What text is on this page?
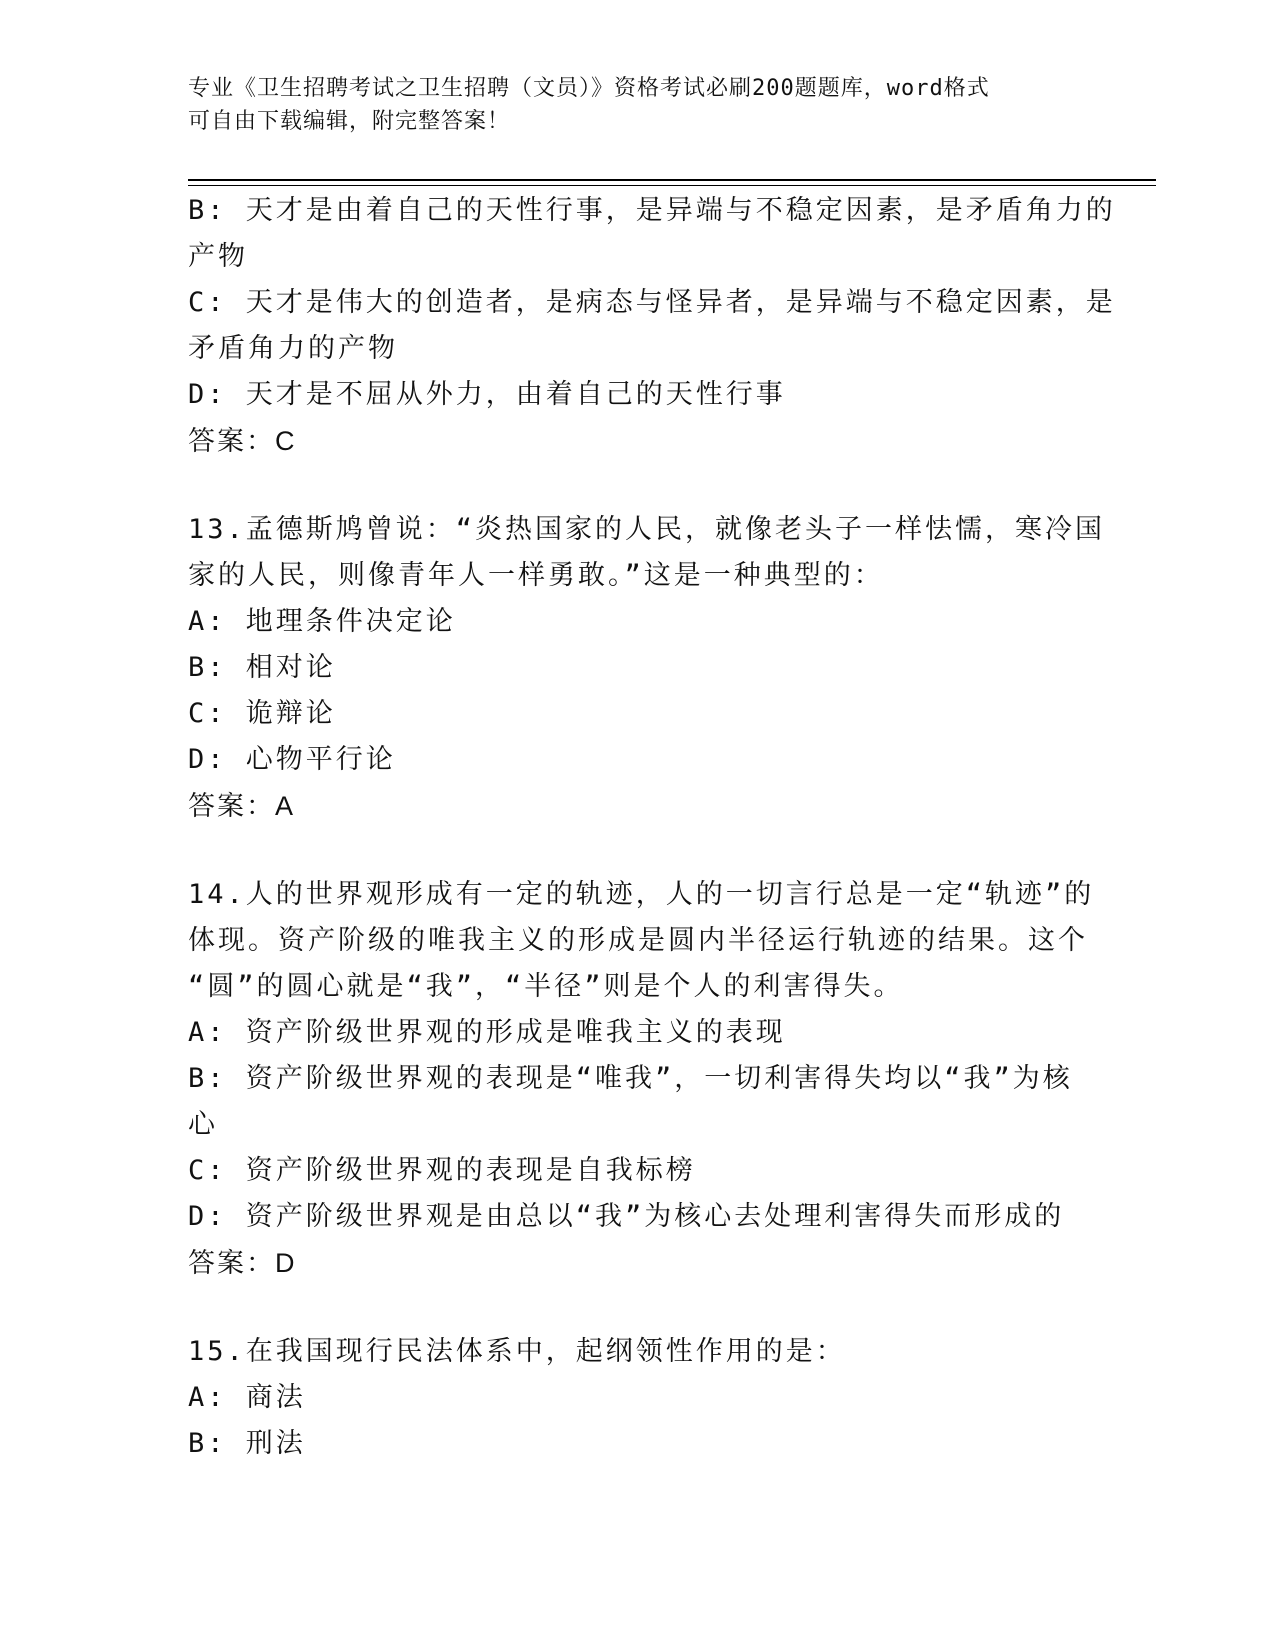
专业《卫生招聘考试之卫生招聘（文员）》资格考试必刷200题题库，word格式
可自由下载编辑，附完整答案！
B: 天才是由着自己的天性行事，是异端与不稳定因素，是矛盾角力的
产物
C: 天才是伟大的创造者，是病态与怪异者，是异端与不稳定因素，是
矛盾角力的产物
D: 天才是不屈从外力，由着自己的天性行事
答案：C
13.孟德斯鸠曾说：“炎热国家的人民，就像老头子一样怯懦，寒冷国
家的人民，则像青年人一样勇敢。”这是一种典型的：
A: 地理条件决定论
B: 相对论
C: 诡辩论
D: 心物平行论
答案：A
14.人的世界观形成有一定的轨迹，人的一切言行总是一定“轨迹”的
体现。资产阶级的唯我主义的形成是圆内半径运行轨迹的结果。这个
“圆”的圆心就是“我”，“半径”则是个人的利害得失。
A: 资产阶级世界观的形成是唯我主义的表现
B: 资产阶级世界观的表现是“唯我”，一切利害得失均以“我”为核
心
C: 资产阶级世界观的表现是自我标榜
D: 资产阶级世界观是由总以“我”为核心去处理利害得失而形成的
答案：D
15.在我国现行民法体系中，起纲领性作用的是：
A: 商法
B: 刑法
